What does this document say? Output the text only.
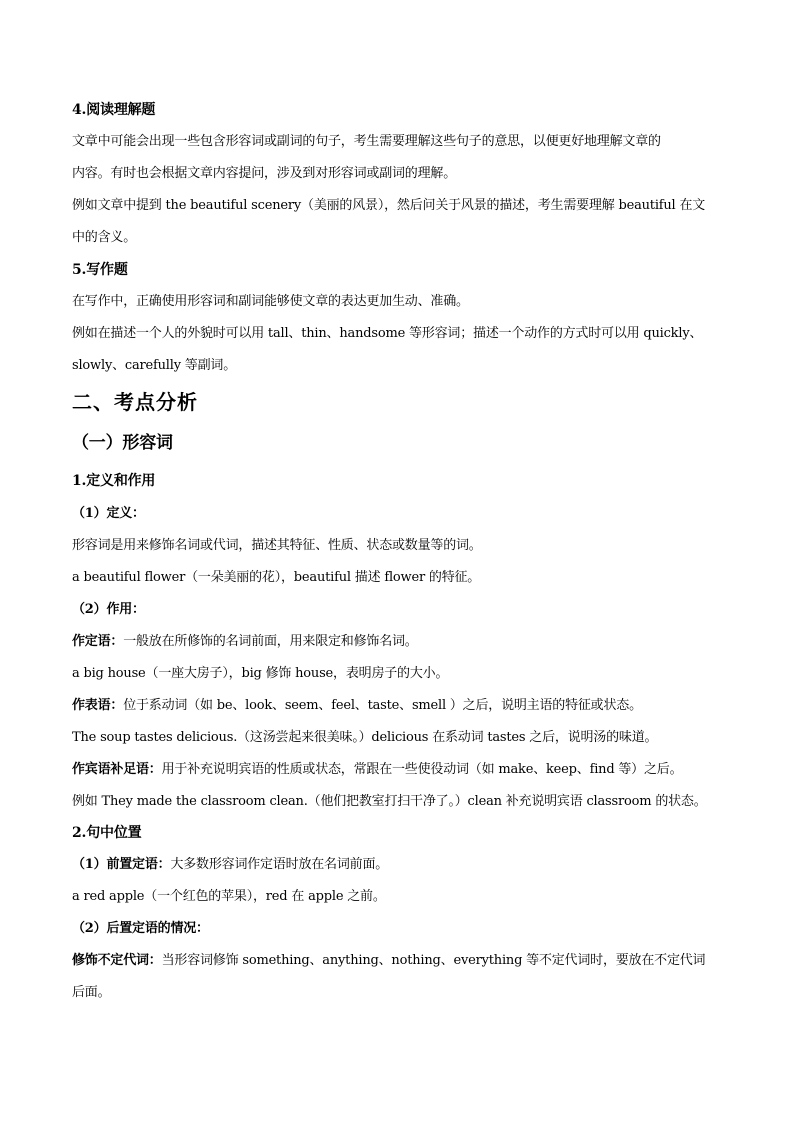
4.阅读理解题
文章中可能会出现一些包含形容词或副词的句子，考生需要理解这些句子的意思，以便更好地理解文章的
内容。有时也会根据文章内容提问，涉及到对形容词或副词的理解。
例如文章中提到 the beautiful scenery（美丽的风景），然后问关于风景的描述，考生需要理解 beautiful 在文
中的含义。
5.写作题
在写作中，正确使用形容词和副词能够使文章的表达更加生动、准确。
例如在描述一个人的外貌时可以用 tall、thin、handsome 等形容词；描述一个动作的方式时可以用 quickly、
slowly、carefully 等副词。
二、考点分析
（一）形容词
1.定义和作用
（1）定义：
形容词是用来修饰名词或代词，描述其特征、性质、状态或数量等的词。
a beautiful flower（一朵美丽的花），beautiful 描述 flower 的特征。
（2）作用：
作定语：一般放在所修饰的名词前面，用来限定和修饰名词。
a big house（一座大房子），big 修饰 house，表明房子的大小。
作表语：位于系动词（如 be、look、seem、feel、taste、smell ）之后，说明主语的特征或状态。
The soup tastes delicious.（这汤尝起来很美味。）delicious 在系动词 tastes 之后，说明汤的味道。
作宾语补足语：用于补充说明宾语的性质或状态，常跟在一些使役动词（如 make、keep、find 等）之后。
例如 They made the classroom clean.（他们把教室打扫干净了。）clean 补充说明宾语 classroom 的状态。
2.句中位置
（1）前置定语：大多数形容词作定语时放在名词前面。
a red apple（一个红色的苹果），red 在 apple 之前。
（2）后置定语的情况：
修饰不定代词：当形容词修饰 something、anything、nothing、everything 等不定代词时，要放在不定代词
后面。
